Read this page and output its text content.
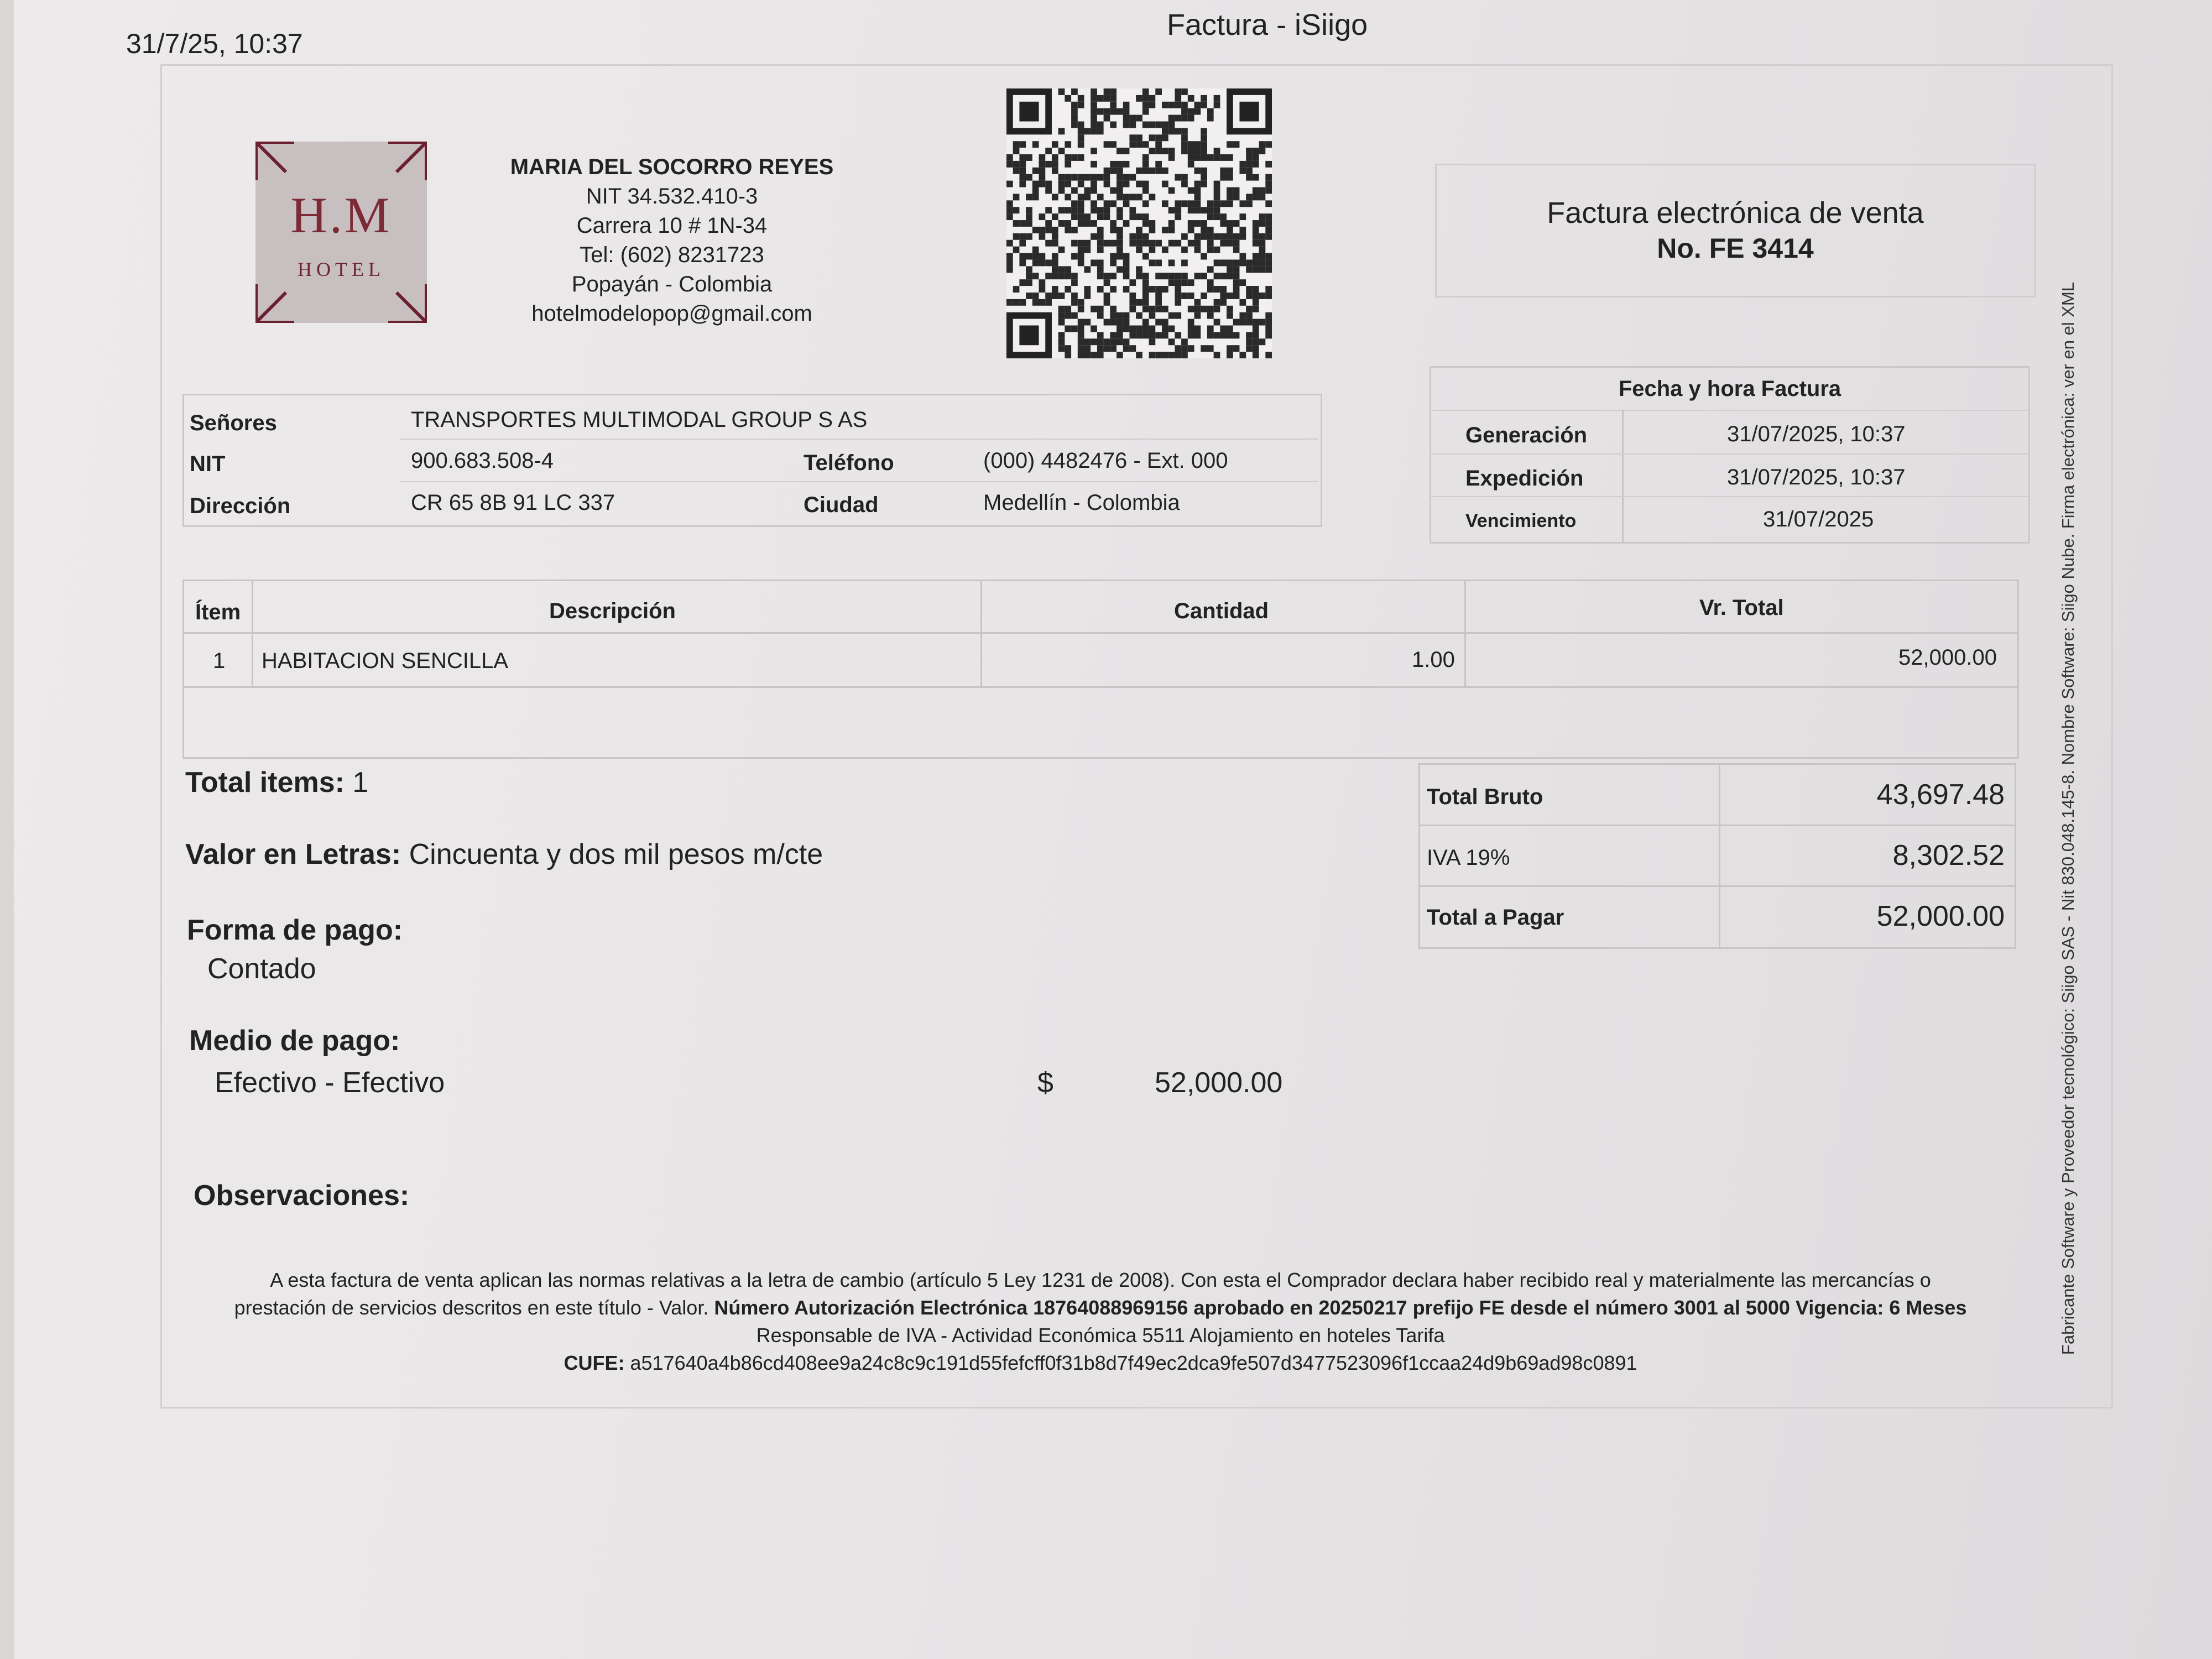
31/7/25, 10:37
Factura - iSiigo
H.M
HOTEL
MARIA DEL SOCORRO REYES
NIT 34.532.410-3
Carrera 10 # 1N-34
Tel: (602) 8231723
Popayán - Colombia
hotelmodelopop@gmail.com
Factura electrónica de venta
No. FE 3414
Señores	TRANSPORTES MULTIMODAL GROUP S AS
NIT	900.683.508-4	Teléfono	(000) 4482476 - Ext. 000
Dirección	CR 65 8B 91 LC 337	Ciudad	Medellín - Colombia
Fecha y hora Factura
Generación	31/07/2025, 10:37
Expedición	31/07/2025, 10:37
Vencimiento	31/07/2025
Ítem	Descripción	Cantidad	Vr. Total
1 HABITACION SENCILLA	1.00	52,000.00
Total items: 1
Valor en Letras: Cincuenta y dos mil pesos m/cte
Forma de pago:
Contado
Medio de pago:
Efectivo - Efectivo	$	52,000.00
Observaciones:
Total Bruto	43,697.48
IVA 19%	8,302.52
Total a Pagar	52,000.00
A esta factura de venta aplican las normas relativas a la letra de cambio (artículo 5 Ley 1231 de 2008). Con esta el Comprador declara haber recibido real y materialmente las mercancías o
prestación de servicios descritos en este título - Valor. Número Autorización Electrónica 18764088969156 aprobado en 20250217 prefijo FE desde el número 3001 al 5000 Vigencia: 6 Meses
Responsable de IVA - Actividad Económica 5511 Alojamiento en hoteles Tarifa
CUFE: a517640a4b86cd408ee9a24c8c9c191d55fefcff0f31b8d7f49ec2dca9fe507d3477523096f1ccaa24d9b69ad98c0891
Fabricante Software y Proveedor tecnológico: Siigo SAS - Nit 830.048.145-8. Nombre Software: Siigo Nube. Firma electrónica: ver en el XML
